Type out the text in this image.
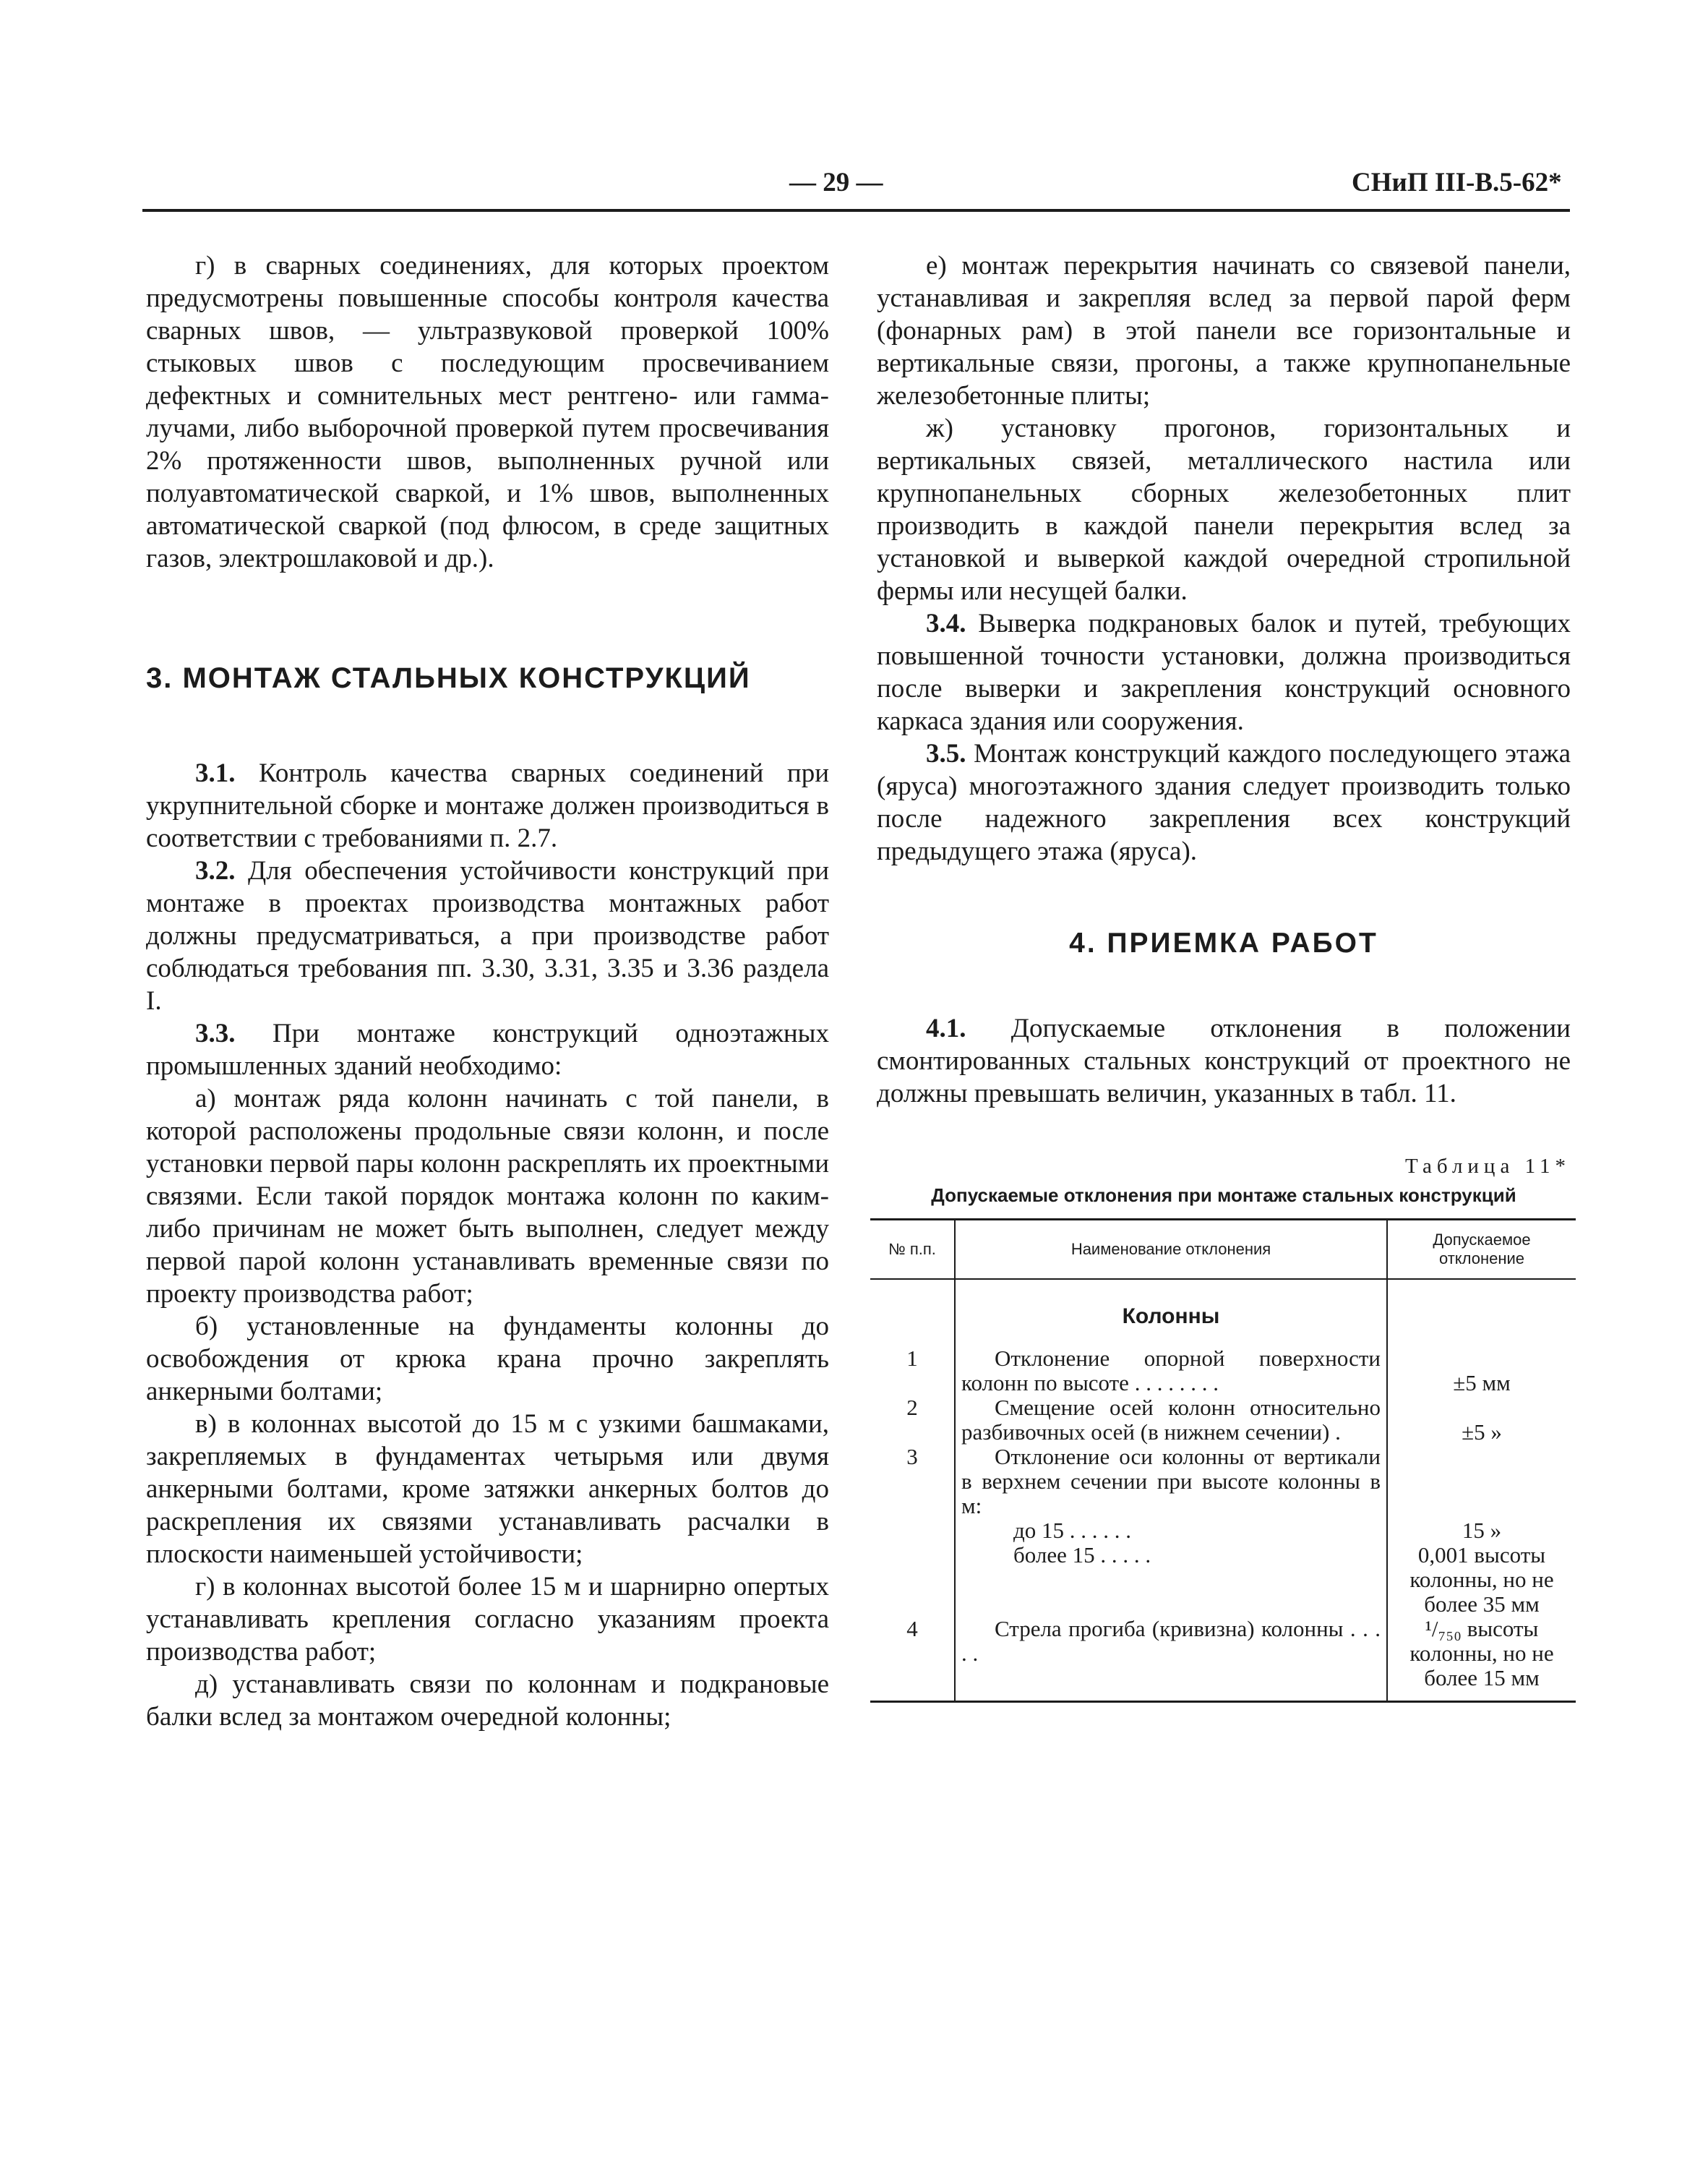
— 29 —	СНиП III-В.5-62*

г) в сварных соединениях, для которых проектом предусмотрены повышенные способы контроля качества сварных швов, — ультразвуковой проверкой 100% стыковых швов с последующим просвечиванием дефектных и сомнительных мест рентгено- или гамма-лучами, либо выборочной проверкой путем просвечивания 2% протяженности швов, выполненных ручной или полуавтоматической сваркой, и 1% швов, выполненных автоматической сваркой (под флюсом, в среде защитных газов, электрошлаковой и др.).

3. МОНТАЖ СТАЛЬНЫХ КОНСТРУКЦИЙ

3.1. Контроль качества сварных соединений при укрупнительной сборке и монтаже должен производиться в соответствии с требованиями п. 2.7.

3.2. Для обеспечения устойчивости конструкций при монтаже в проектах производства монтажных работ должны предусматриваться, а при производстве работ соблюдаться требования пп. 3.30, 3.31, 3.35 и 3.36 раздела I.

3.3. При монтаже конструкций одноэтажных промышленных зданий необходимо:

а) монтаж ряда колонн начинать с той панели, в которой расположены продольные связи колонн, и после установки первой пары колонн раскреплять их проектными связями. Если такой порядок монтажа колонн по каким-либо причинам не может быть выполнен, следует между первой парой колонн устанавливать временные связи по проекту производства работ;

б) установленные на фундаменты колонны до освобождения от крюка крана прочно закреплять анкерными болтами;

в) в колоннах высотой до 15 м с узкими башмаками, закрепляемых в фундаментах четырьмя или двумя анкерными болтами, кроме затяжки анкерных болтов до раскрепления их связями устанавливать расчалки в плоскости наименьшей устойчивости;

г) в колоннах высотой более 15 м и шарнирно опертых устанавливать крепления согласно указаниям проекта производства работ;

д) устанавливать связи по колоннам и подкрановые балки вслед за монтажом очередной колонны;

е) монтаж перекрытия начинать со связевой панели, устанавливая и закрепляя вслед за первой парой ферм (фонарных рам) в этой панели все горизонтальные и вертикальные связи, прогоны, а также крупнопанельные железобетонные плиты;

ж) установку прогонов, горизонтальных и вертикальных связей, металлического настила или крупнопанельных сборных железобетонных плит производить в каждой панели перекрытия вслед за установкой и выверкой каждой очередной стропильной фермы или несущей балки.

3.4. Выверка подкрановых балок и путей, требующих повышенной точности установки, должна производиться после выверки и закрепления конструкций основного каркаса здания или сооружения.

3.5. Монтаж конструкций каждого последующего этажа (яруса) многоэтажного здания следует производить только после надежного закрепления всех конструкций предыдущего этажа (яруса).

4. ПРИЕМКА РАБОТ

4.1. Допускаемые отклонения в положении смонтированных стальных конструкций от проектного не должны превышать величин, указанных в табл. 11.

Таблица 11*
Допускаемые отклонения при монтаже стальных конструкций
№ п.п.	Наименование отклонения	Допускаемое отклонение
	Колонны	
1	Отклонение опорной поверхности колонн по высоте . . . . . . . .	±5 мм
2	Смещение осей колонн относительно разбивочных осей (в нижнем сечении) .	±5 »
3	Отклонение оси колонны от вертикали в верхнем сечении при высоте колонны в м:	
	до 15 . . . . . .	15 »
	более 15 . . . . .	0,001 высоты колонны, но не более 35 мм
4	Стрела прогиба (кривизна) колонны . . . . .	¹/₇₅₀ высоты колонны, но не более 15 мм
